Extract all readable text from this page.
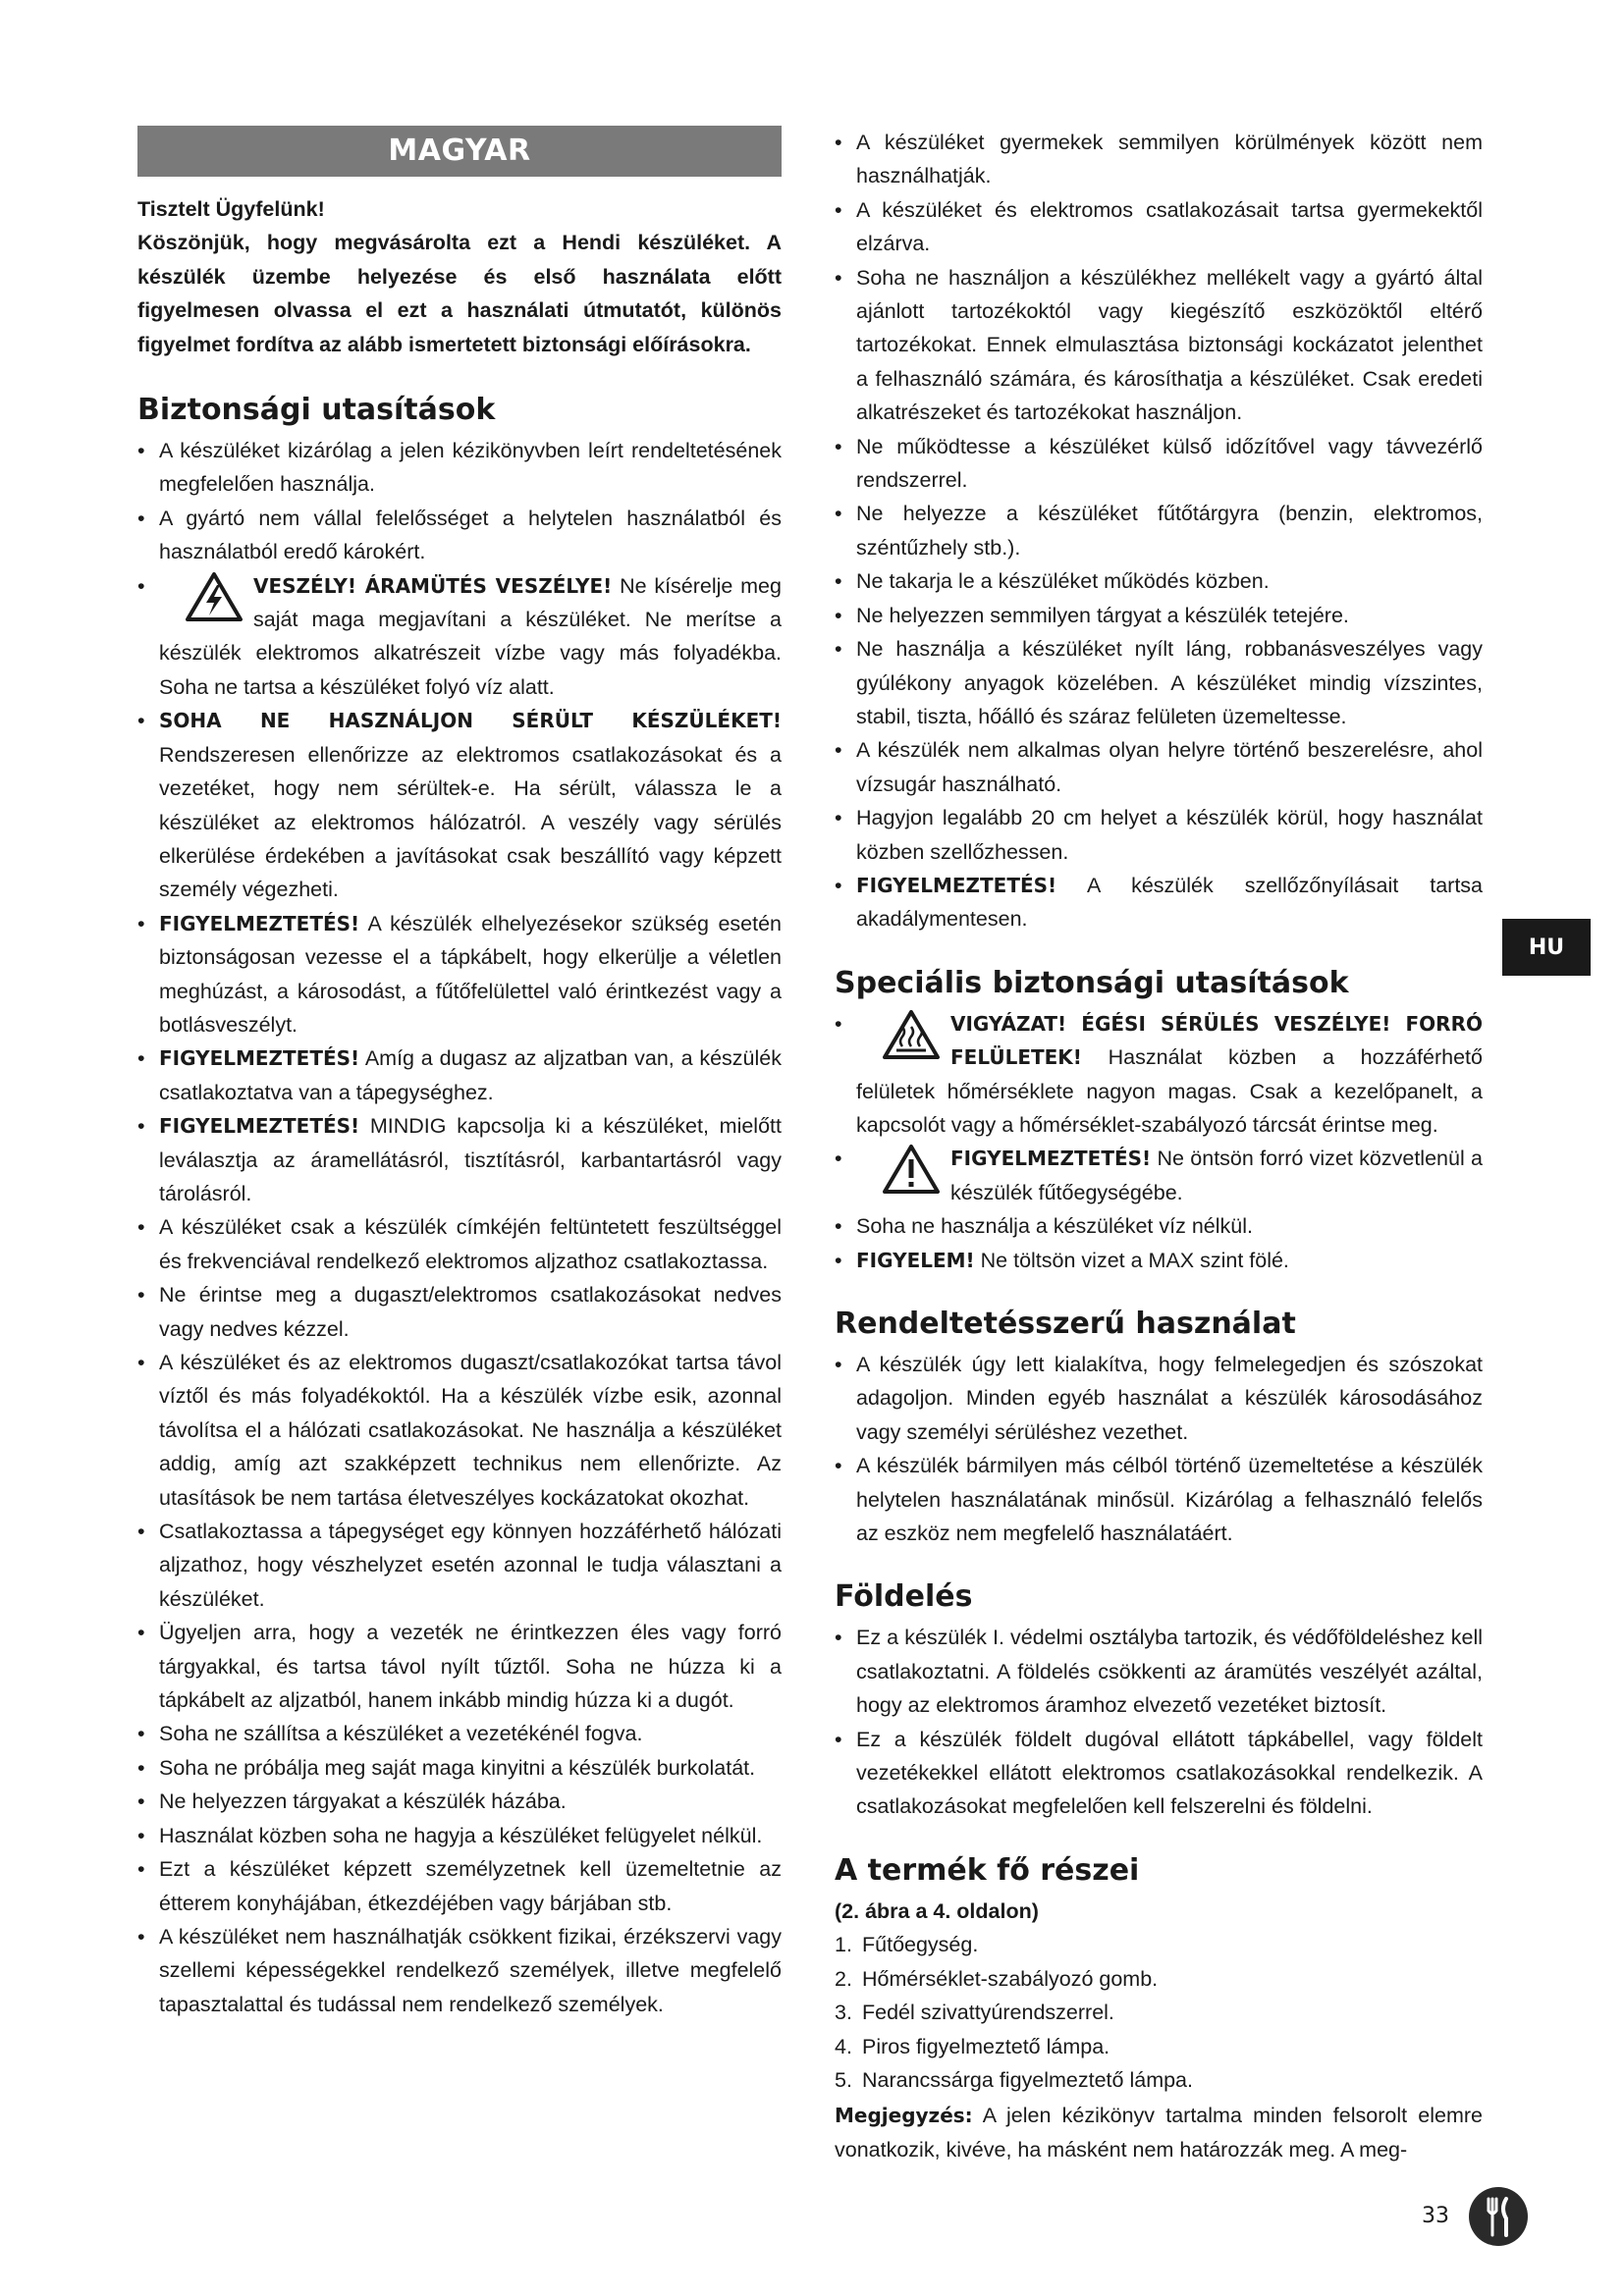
MAGYAR

Tisztelt Ügyfelünk!

Köszönjük, hogy megvásárolta ezt a Hendi készüléket. A készülék üzembe helyezése és első használata előtt figyelmesen olvassa el ezt a használati útmutatót, különös figyelmet fordítva az alább ismertetett biztonsági előírásokra.

Biztonsági utasítások
• A készüléket kizárólag a jelen kézikönyvben leírt rendeltetésének megfelelően használja.
• A gyártó nem vállal felelősséget a helytelen használatból és használatból eredő károkért.
•	VESZÉLY! ÁRAMÜTÉS VESZÉLYE! Ne kísérelje meg saját maga megjavítani a készüléket. Ne merítse a készülék elektromos alkatrészeit vízbe vagy más folyadékba. Soha ne tartsa a készüléket folyó víz alatt.
• SOHA NE HASZNÁLJON SÉRÜLT KÉSZÜLÉKET! Rendszeresen ellenőrizze az elektromos csatlakozásokat és a vezetéket, hogy nem sérültek-e. Ha sérült, válassza le a készüléket az elektromos hálózatról. A veszély vagy sérülés elkerülése érdekében a javításokat csak beszállító vagy képzett személy végezheti.
• FIGYELMEZTETÉS! A készülék elhelyezésekor szükség esetén biztonságosan vezesse el a tápkábelt, hogy elkerülje a véletlen meghúzást, a károsodást, a fűtőfelülettel való érintkezést vagy a botlásveszélyt.
• FIGYELMEZTETÉS! Amíg a dugasz az aljzatban van, a készülék csatlakoztatva van a tápegységhez.
• FIGYELMEZTETÉS! MINDIG kapcsolja ki a készüléket, mielőtt leválasztja az áramellátásról, tisztításról, karbantartásról vagy tárolásról.
• A készüléket csak a készülék címkéjén feltüntetett feszültséggel és frekvenciával rendelkező elektromos aljzathoz csatlakoztassa.
• Ne érintse meg a dugaszt/elektromos csatlakozásokat nedves vagy nedves kézzel.
• A készüléket és az elektromos dugaszt/csatlakozókat tartsa távol víztől és más folyadékoktól. Ha a készülék vízbe esik, azonnal távolítsa el a hálózati csatlakozásokat. Ne használja a készüléket addig, amíg azt szakképzett technikus nem ellenőrizte. Az utasítások be nem tartása életveszélyes kockázatokat okozhat.
• Csatlakoztassa a tápegységet egy könnyen hozzáférhető hálózati aljzathoz, hogy vészhelyzet esetén azonnal le tudja választani a készüléket.
• Ügyeljen arra, hogy a vezeték ne érintkezzen éles vagy forró tárgyakkal, és tartsa távol nyílt tűztől. Soha ne húzza ki a tápkábelt az aljzatból, hanem inkább mindig húzza ki a dugót.
• Soha ne szállítsa a készüléket a vezetékénél fogva.
• Soha ne próbálja meg saját maga kinyitni a készülék burkolatát.
• Ne helyezzen tárgyakat a készülék házába.
• Használat közben soha ne hagyja a készüléket felügyelet nélkül.
• Ezt a készüléket képzett személyzetnek kell üzemeltetnie az étterem konyhájában, étkezdéjében vagy bárjában stb.
• A készüléket nem használhatják csökkent fizikai, érzékszervi vagy szellemi képességekkel rendelkező személyek, illetve megfelelő tapasztalattal és tudással nem rendelkező személyek.
• A készüléket gyermekek semmilyen körülmények között nem használhatják.
• A készüléket és elektromos csatlakozásait tartsa gyermekektől elzárva.
• Soha ne használjon a készülékhez mellékelt vagy a gyártó által ajánlott tartozékoktól vagy kiegészítő eszközöktől eltérő tartozékokat. Ennek elmulasztása biztonsági kockázatot jelenthet a felhasználó számára, és károsíthatja a készüléket. Csak eredeti alkatrészeket és tartozékokat használjon.
• Ne működtesse a készüléket külső időzítővel vagy távvezérlő rendszerrel.
• Ne helyezze a készüléket fűtőtárgyra (benzin, elektromos, széntűzhely stb.).
• Ne takarja le a készüléket működés közben.
• Ne helyezzen semmilyen tárgyat a készülék tetejére.
• Ne használja a készüléket nyílt láng, robbanásveszélyes vagy gyúlékony anyagok közelében. A készüléket mindig vízszintes, stabil, tiszta, hőálló és száraz felületen üzemeltesse.
• A készülék nem alkalmas olyan helyre történő beszerelésre, ahol vízsugár használható.
• Hagyjon legalább 20 cm helyet a készülék körül, hogy használat közben szellőzhessen.
• FIGYELMEZTETÉS! A készülék szellőzőnyílásait tartsa akadálymentesen.
Speciális biztonsági utasítások
•	VIGYÁZAT! ÉGÉSI SÉRÜLÉS VESZÉLYE! FORRÓ FELÜLETEK! Használat közben a hozzáférhető felületek hőmérséklete nagyon magas. Csak a kezelőpanelt, a kapcsolót vagy a hőmérséklet-szabályozó tárcsát érintse meg.
•	FIGYELMEZTETÉS! Ne öntsön forró vizet közvetlenül a készülék fűtőegységébe.
• Soha ne használja a készüléket víz nélkül.
• FIGYELEM! Ne töltsön vizet a MAX szint fölé.
Rendeltetésszerű használat
• A készülék úgy lett kialakítva, hogy felmelegedjen és szószokat adagoljon. Minden egyéb használat a készülék károsodásához vagy személyi sérüléshez vezethet.
• A készülék bármilyen más célból történő üzemeltetése a készülék helytelen használatának minősül. Kizárólag a felhasználó felelős az eszköz nem megfelelő használatáért.
Földelés
• Ez a készülék I. védelmi osztályba tartozik, és védőföldeléshez kell csatlakoztatni. A földelés csökkenti az áramütés veszélyét azáltal, hogy az elektromos áramhoz elvezető vezetéket biztosít.
• Ez a készülék földelt dugóval ellátott tápkábellel, vagy földelt vezetékekkel ellátott elektromos csatlakozásokkal rendelkezik. A csatlakozásokat megfelelően kell felszerelni és földelni.
A termék fő részei

(2. ábra a 4. oldalon)

1. Fűtőegység.
2. Hőmérséklet-szabályozó gomb.
3. Fedél szivattyúrendszerrel.
4. Piros figyelmeztető lámpa.
5. Narancssárga figyelmeztető lámpa.

Megjegyzés: A jelen kézikönyv tartalma minden felsorolt elemre vonatkozik, kivéve, ha másként nem határozzák meg. A meg-

HU
33
